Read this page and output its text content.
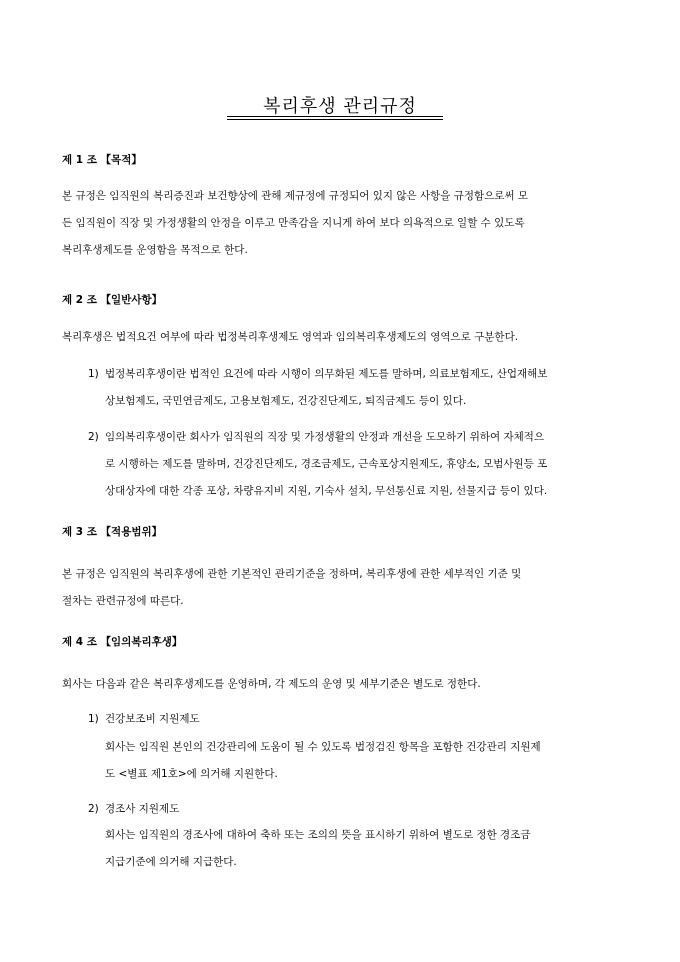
복리후생 관리규정
제 1 조 【목적】
본 규정은 임직원의 복리증진과 보건향상에 관해 제규정에 규정되어 있지 않은 사항을 규정함으로써 모
든 임직원이 직장 및 가정생활의 안정을 이루고 만족감을 지니게 하여 보다 의욕적으로 일할 수 있도록
복리후생제도를 운영함을 목적으로 한다.
제 2 조 【일반사항】
복리후생은 법적요건 여부에 따라 법정복리후생제도 영역과 임의복리후생제도의 영역으로 구분한다.
1) 법정복리후생이란 법적인 요건에 따라 시행이 의무화된 제도를 말하며, 의료보험제도, 산업재해보
상보험제도, 국민연금제도, 고용보험제도, 건강진단제도, 퇴직금제도 등이 있다.
2) 임의복리후생이란 회사가 임직원의 직장 및 가정생활의 안정과 개선을 도모하기 위하여 자체적으
로 시행하는 제도를 말하며, 건강진단제도, 경조금제도, 근속포상지원제도, 휴양소, 모범사원등 포
상대상자에 대한 각종 포상, 차량유지비 지원, 기숙사 설치, 무선통신료 지원, 선물지급 등이 있다.
제 3 조 【적용범위】
본 규정은 임직원의 복리후생에 관한 기본적인 관리기준을 정하며, 복리후생에 관한 세부적인 기준 및
절차는 관련규정에 따른다.
제 4 조 【임의복리후생】
회사는 다음과 같은 복리후생제도를 운영하며, 각 제도의 운영 및 세부기준은 별도로 정한다.
1) 건강보조비 지원제도
회사는 임직원 본인의 건강관리에 도움이 될 수 있도록 법정검진 항목을 포함한 건강관리 지원제
도 <별표 제1호>에 의거해 지원한다.
2) 경조사 지원제도
회사는 임직원의 경조사에 대하여 축하 또는 조의의 뜻을 표시하기 위하여 별도로 정한 경조금
지급기준에 의거해 지급한다.
